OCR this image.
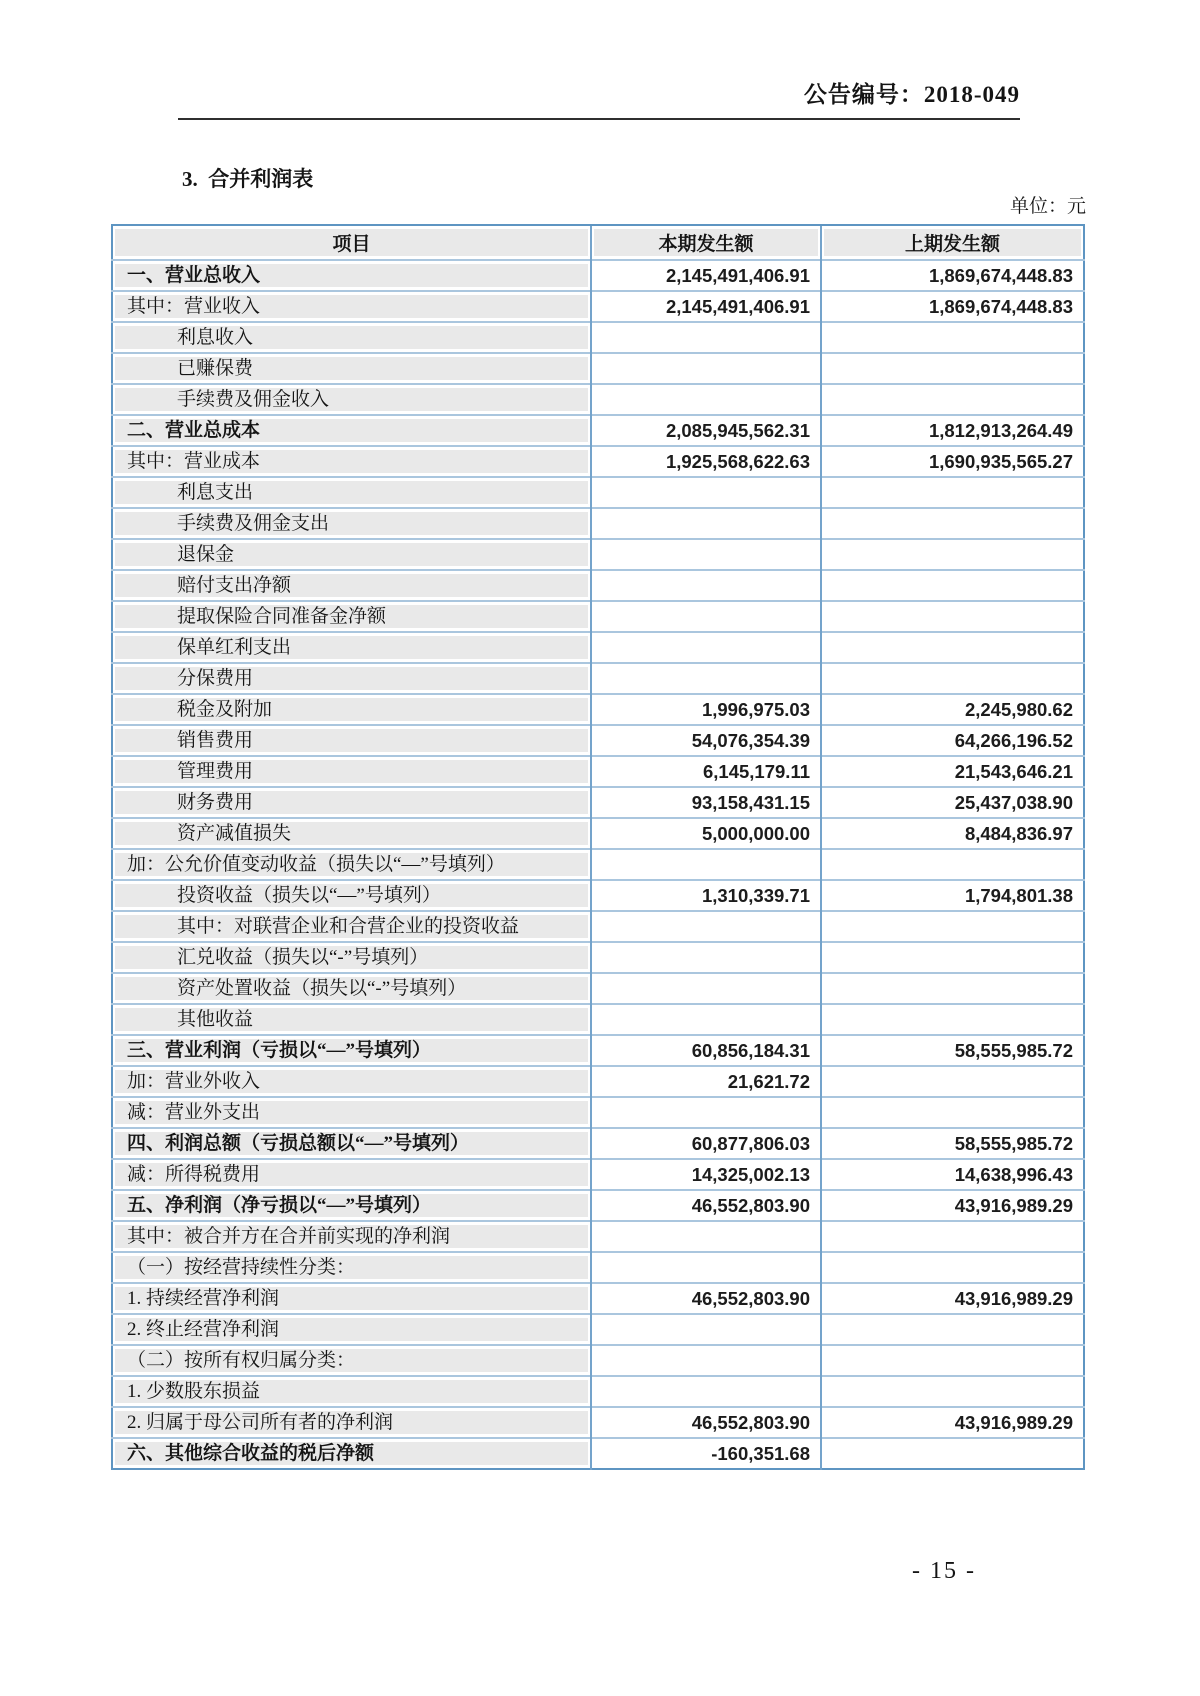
公告编号：2018-049
3.  合并利润表
单位：元
项目	本期发生额	上期发生额

一、营业总收入	2,145,491,406.91	1,869,674,448.83

其中：营业收入	2,145,491,406.91	1,869,674,448.83

利息收入		

已赚保费		

手续费及佣金收入		

二、营业总成本	2,085,945,562.31	1,812,913,264.49

其中：营业成本	1,925,568,622.63	1,690,935,565.27

利息支出		

手续费及佣金支出		

退保金		

赔付支出净额		

提取保险合同准备金净额		

保单红利支出		

分保费用		

税金及附加	1,996,975.03	2,245,980.62

销售费用	54,076,354.39	64,266,196.52

管理费用	6,145,179.11	21,543,646.21

财务费用	93,158,431.15	25,437,038.90

资产减值损失	5,000,000.00	8,484,836.97

加：公允价值变动收益（损失以“—”号填列）		

投资收益（损失以“—”号填列）	1,310,339.71	1,794,801.38

其中：对联营企业和合营企业的投资收益		

汇兑收益（损失以“-”号填列）		

资产处置收益（损失以“-”号填列）		

其他收益		

三、营业利润（亏损以“—”号填列）	60,856,184.31	58,555,985.72

加：营业外收入	21,621.72	

减：营业外支出		

四、利润总额（亏损总额以“—”号填列）	60,877,806.03	58,555,985.72

减：所得税费用	14,325,002.13	14,638,996.43

五、净利润（净亏损以“—”号填列）	46,552,803.90	43,916,989.29

其中：被合并方在合并前实现的净利润		

（一）按经营持续性分类：		

1. 持续经营净利润	46,552,803.90	43,916,989.29

2. 终止经营净利润		

（二）按所有权归属分类：		

1. 少数股东损益		

2. 归属于母公司所有者的净利润	46,552,803.90	43,916,989.29

六、其他综合收益的税后净额	-160,351.68	
- 15 -
